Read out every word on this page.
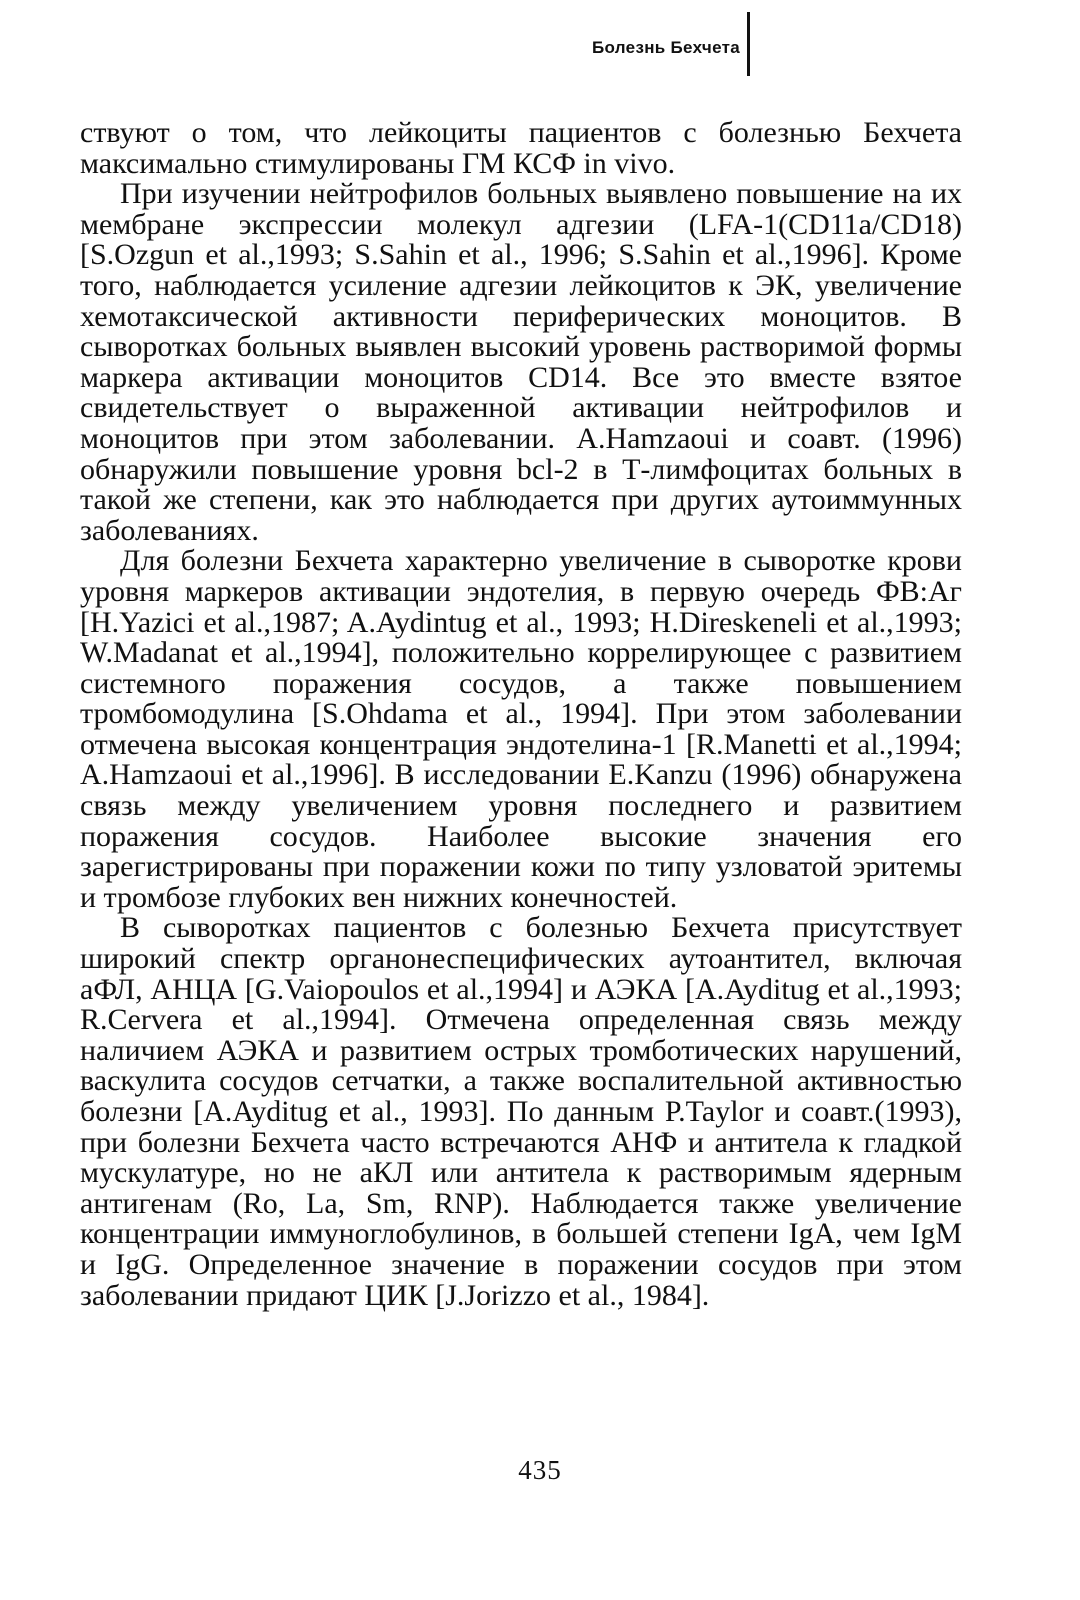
Болезнь Бехчета

ствуют о том, что лейкоциты пациентов с болезнью Бехчета максимально стимулированы ГМ КСФ in vivo.

При изучении нейтрофилов больных выявлено повышение на их мембране экспрессии молекул адгезии (LFA-1(CD11a/CD18) [S.Ozgun et al.,1993; S.Sahin et al., 1996; S.Sahin et al.,1996]. Кроме того, наблюдается усиление адгезии лейкоцитов к ЭК, увеличение хемотаксической активности периферических моноцитов. В сыворотках больных выявлен высокий уровень растворимой формы маркера активации моноцитов CD14. Все это вместе взятое свидетельствует о выраженной активации нейтрофилов и моноцитов при этом заболевании. A.Hamzaoui и соавт. (1996) обнаружили повышение уровня bcl-2 в Т-лимфоцитах больных в такой же степени, как это наблюдается при других аутоиммунных заболеваниях.

Для болезни Бехчета характерно увеличение в сыворотке крови уровня маркеров активации эндотелия, в первую очередь ФВ:Аг [H.Yazici et al.,1987; A.Aydintug et al., 1993; H.Direskeneli et al.,1993; W.Madanat et al.,1994], положительно коррелирующее с развитием системного поражения сосудов, а также повышением тромбомодулина [S.Ohdama et al., 1994]. При этом заболевании отмечена высокая концентрация эндотелина-1 [R.Manetti et al.,1994; A.Hamzaoui et al.,1996]. В исследовании E.Kanzu (1996) обнаружена связь между увеличением уровня последнего и развитием поражения сосудов. Наиболее высокие значения его зарегистрированы при поражении кожи по типу узловатой эритемы и тромбозе глубоких вен нижних конечностей.

В сыворотках пациентов с болезнью Бехчета присутствует широкий спектр органонеспецифических аутоантител, включая аФЛ, АНЦА [G.Vaiopoulos et al.,1994] и АЭКА [A.Ayditug et al.,1993; R.Cervera et al.,1994]. Отмечена определенная связь между наличием АЭКА и развитием острых тромботических нарушений, васкулита сосудов сетчатки, а также воспалительной активностью болезни [A.Ayditug et al., 1993]. По данным P.Taylor и соавт.(1993), при болезни Бехчета часто встречаются АНФ и антитела к гладкой мускулатуре, но не аКЛ или антитела к растворимым ядерным антигенам (Ro, La, Sm, RNP). Наблюдается также увеличение концентрации иммуноглобулинов, в большей степени IgA, чем IgM и IgG. Определенное значение в поражении сосудов при этом заболевании придают ЦИК [J.Jorizzo et al., 1984].

435
